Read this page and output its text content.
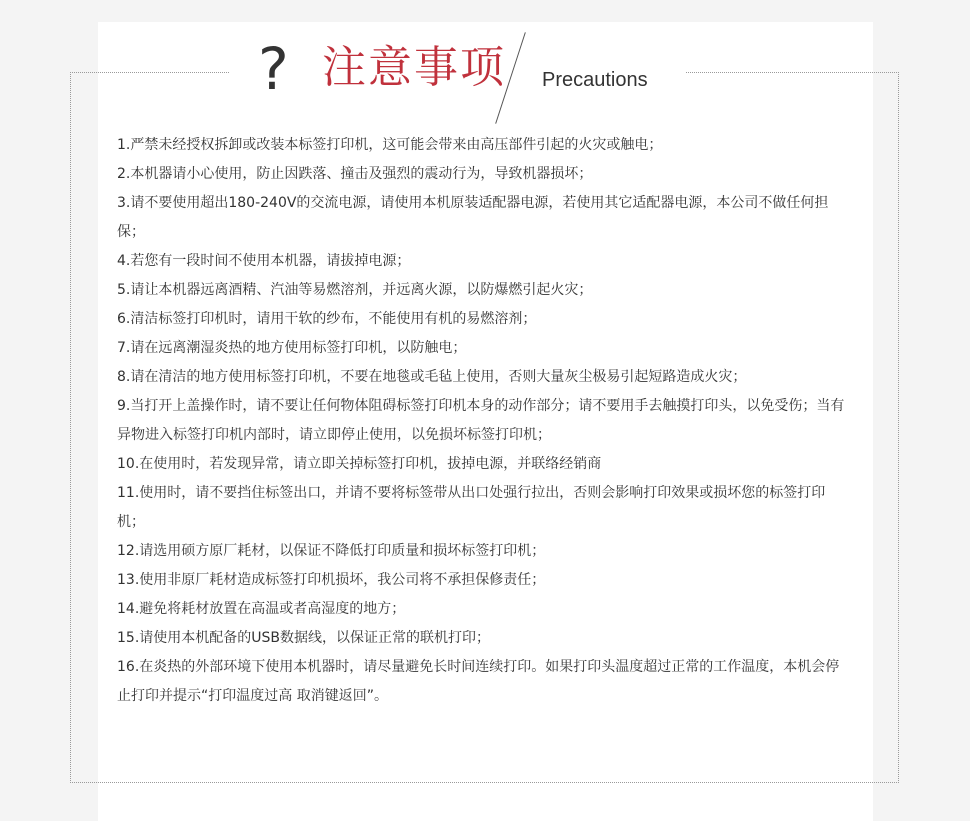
? 注意事项 Precautions
1.严禁未经授权拆卸或改装本标签打印机，这可能会带来由高压部件引起的火灾或触电；
2.本机器请小心使用，防止因跌落、撞击及强烈的震动行为，导致机器损坏；
3.请不要使用超出180-240V的交流电源，请使用本机原装适配器电源，若使用其它适配器电源，本公司不做任何担保；
4.若您有一段时间不使用本机器，请拔掉电源；
5.请让本机器远离酒精、汽油等易燃溶剂，并远离火源，以防爆燃引起火灾；
6.清洁标签打印机时，请用干软的纱布，不能使用有机的易燃溶剂；
7.请在远离潮湿炎热的地方使用标签打印机，以防触电；
8.请在清洁的地方使用标签打印机，不要在地毯或毛毡上使用，否则大量灰尘极易引起短路造成火灾；
9.当打开上盖操作时，请不要让任何物体阻碍标签打印机本身的动作部分；请不要用手去触摸打印头，以免受伤；当有异物进入标签打印机内部时，请立即停止使用，以免损坏标签打印机；
10.在使用时，若发现异常，请立即关掉标签打印机，拔掉电源，并联络经销商
11.使用时，请不要挡住标签出口，并请不要将标签带从出口处强行拉出，否则会影响打印效果或损坏您的标签打印机；
12.请选用硕方原厂耗材，以保证不降低打印质量和损坏标签打印机；
13.使用非原厂耗材造成标签打印机损坏，我公司将不承担保修责任；
14.避免将耗材放置在高温或者高湿度的地方；
15.请使用本机配备的USB数据线，以保证正常的联机打印；
16.在炎热的外部环境下使用本机器时，请尽量避免长时间连续打印。如果打印头温度超过正常的工作温度，本机会停止打印并提示“打印温度过高 取消键返回”。
